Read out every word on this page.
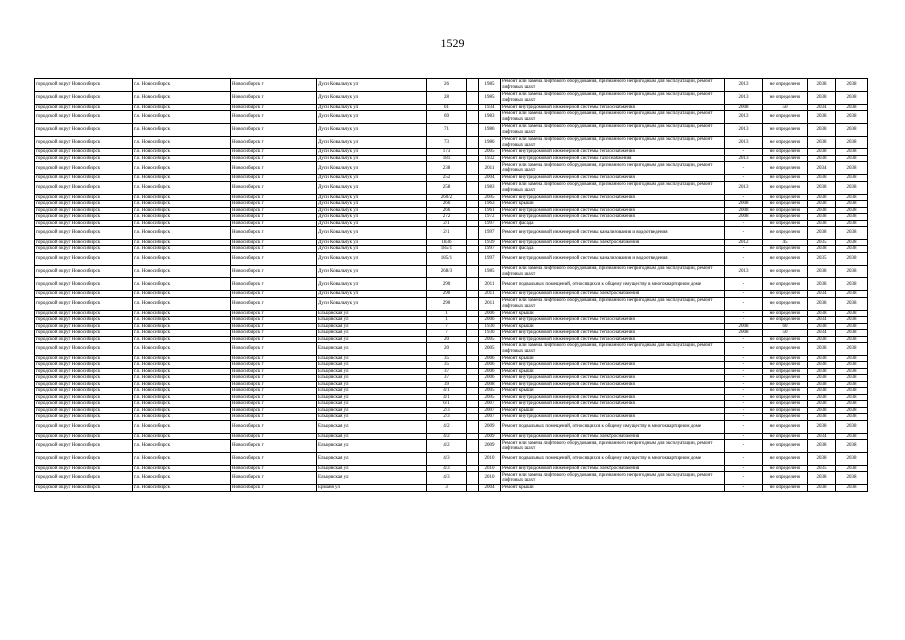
1529
городской округ Новосибирск	г.о. Новосибирск	Новосибирск г	Дуси Ковальчук ул	26		1985	Ремонт или замена лифтового оборудования, признанного непригодным для эксплуатации, ремонт лифтовых шахт	2013	не определено	2038	2038
городской округ Новосибирск	г.о. Новосибирск	Новосибирск г	Дуси Ковальчук ул	28		1985	Ремонт или замена лифтового оборудования, признанного непригодным для эксплуатации, ремонт лифтовых шахт	2013	не определено	2038	2038
городской округ Новосибирск	г.о. Новосибирск	Новосибирск г	Дуси Ковальчук ул	61		1934	Ремонт внутридомовой инженерной системы теплоснабжения	2008	50	2034	2038
городской округ Новосибирск	г.о. Новосибирск	Новосибирск г	Дуси Ковальчук ул	69		1983	Ремонт или замена лифтового оборудования, признанного непригодным для эксплуатации, ремонт лифтовых шахт	2013	не определено	2038	2038
городской округ Новосибирск	г.о. Новосибирск	Новосибирск г	Дуси Ковальчук ул	71		1986	Ремонт или замена лифтового оборудования, признанного непригодным для эксплуатации, ремонт лифтовых шахт	2013	не определено	2038	2038
городской округ Новосибирск	г.о. Новосибирск	Новосибирск г	Дуси Ковальчук ул	73		1986	Ремонт или замена лифтового оборудования, признанного непригодным для эксплуатации, ремонт лифтовых шахт	2013	не определено	2038	2038
городской округ Новосибирск	г.о. Новосибирск	Новосибирск г	Дуси Ковальчук ул	173		2005	Ремонт внутридомовой инженерной системы теплоснабжения	-	не определено	2038	2038
городской округ Новосибирск	г.о. Новосибирск	Новосибирск г	Дуси Ковальчук ул	181		1932	Ремонт внутридомовой инженерной системы газоснабжения	2013	не определено	2038	2038
городской округ Новосибирск	г.о. Новосибирск	Новосибирск г	Дуси Ковальчук ул	238		2011	Ремонт или замена лифтового оборудования, признанного непригодным для эксплуатации, ремонт лифтовых шахт	-	не определено	2034	2038
городской округ Новосибирск	г.о. Новосибирск	Новосибирск г	Дуси Ковальчук ул	252		2004	Ремонт внутридомовой инженерной системы теплоснабжения	-	не определено	2038	2038
городской округ Новосибирск	г.о. Новосибирск	Новосибирск г	Дуси Ковальчук ул	258		1983	Ремонт или замена лифтового оборудования, признанного непригодным для эксплуатации, ремонт лифтовых шахт	2013	не определено	2038	2038
городской округ Новосибирск	г.о. Новосибирск	Новосибирск г	Дуси Ковальчук ул	260/2		2005	Ремонт внутридомовой инженерной системы теплоснабжения	-	не определено	2038	2038
городской округ Новосибирск	г.о. Новосибирск	Новосибирск г	Дуси Ковальчук ул	266		1963	Ремонт крыши	2008	не определено	2038	2038
городской округ Новосибирск	г.о. Новосибирск	Новосибирск г	Дуси Ковальчук ул	266		1961	Ремонт внутридомовой инженерной системы теплоснабжения	2008	не определено	2038	2038
городской округ Новосибирск	г.о. Новосибирск	Новосибирск г	Дуси Ковальчук ул	272		1972	Ремонт внутридомовой инженерной системы теплоснабжения	2008	не определено	2038	2038
городской округ Новосибирск	г.о. Новосибирск	Новосибирск г	Дуси Ковальчук ул	2/1		1997	Ремонт фасада	-	не определено	2038	2038
городской округ Новосибирск	г.о. Новосибирск	Новосибирск г	Дуси Ковальчук ул	2/1		1997	Ремонт внутридомовой инженерной системы канализования и водоотведения	-	не определено	2038	2038
городской округ Новосибирск	г.о. Новосибирск	Новосибирск г	Дуси Ковальчук ул	183б		1939	Ремонт внутридомовой инженерной системы электроснабжения	2012	45	2035	2038
городской округ Новосибирск	г.о. Новосибирск	Новосибирск г	Дуси Ковальчук ул	185/1		1997	Ремонт фасада	-	не определено	2038	2038
городской округ Новосибирск	г.о. Новосибирск	Новосибирск г	Дуси Ковальчук ул	185/1		1997	Ремонт внутридомовой инженерной системы канализования и водоотведения	-	не определено	2035	2038
городской округ Новосибирск	г.о. Новосибирск	Новосибирск г	Дуси Ковальчук ул	268/3		1985	Ремонт или замена лифтового оборудования, признанного непригодным для эксплуатации, ремонт лифтовых шахт	2013	не определено	2038	2038
городской округ Новосибирск	г.о. Новосибирск	Новосибирск г	Дуси Ковальчук ул	290		2011	Ремонт подвальных помещений, относящихся к общему имуществу в многоквартирном доме	-	не определено	2038	2038
городской округ Новосибирск	г.о. Новосибирск	Новосибирск г	Дуси Ковальчук ул	290		2011	Ремонт внутридомовой инженерной системы электроснабжения	-	не определено	2034	2038
городской округ Новосибирск	г.о. Новосибирск	Новосибирск г	Дуси Ковальчук ул	290		2011	Ремонт или замена лифтового оборудования, признанного непригодным для эксплуатации, ремонт лифтовых шахт	-	не определено	2038	2038
городской округ Новосибирск	г.о. Новосибирск	Новосибирск г	Ельцовская ул	1		2006	Ремонт крыши	-	не определено	2038	2038
городской округ Новосибирск	г.о. Новосибирск	Новосибирск г	Ельцовская ул	1		2006	Ремонт внутридомовой инженерной системы теплоснабжения	-	не определено	2034	2038
городской округ Новосибирск	г.о. Новосибирск	Новосибирск г	Ельцовская ул	7		1936	Ремонт крыши	2008	60	2038	2038
городской округ Новосибирск	г.о. Новосибирск	Новосибирск г	Ельцовская ул	7		1936	Ремонт внутридомовой инженерной системы теплоснабжения	2008	50	2034	2038
городской округ Новосибирск	г.о. Новосибирск	Новосибирск г	Ельцовская ул	20		2005	Ремонт внутридомовой инженерной системы теплоснабжения	-	не определено	2038	2038
городской округ Новосибирск	г.о. Новосибирск	Новосибирск г	Ельцовская ул	20		2005	Ремонт или замена лифтового оборудования, признанного непригодным для эксплуатации, ремонт лифтовых шахт	-	не определено	2038	2038
городской округ Новосибирск	г.о. Новосибирск	Новосибирск г	Ельцовская ул	35		2006	Ремонт крыши	-	не определено	2038	2038
городской округ Новосибирск	г.о. Новосибирск	Новосибирск г	Ельцовская ул	35		2006	Ремонт внутридомовой инженерной системы теплоснабжения	-	не определено	2038	2038
городской округ Новосибирск	г.о. Новосибирск	Новосибирск г	Ельцовская ул	37		2006	Ремонт крыши	-	не определено	2038	2038
городской округ Новосибирск	г.о. Новосибирск	Новосибирск г	Ельцовская ул	37		2006	Ремонт внутридомовой инженерной системы теплоснабжения	-	не определено	2038	2038
городской округ Новосибирск	г.о. Новосибирск	Новосибирск г	Ельцовская ул	39		2008	Ремонт внутридомовой инженерной системы теплоснабжения	-	не определено	2038	2038
городской округ Новосибирск	г.о. Новосибирск	Новосибирск г	Ельцовская ул	4/1		2005	Ремонт крыши	-	не определено	2038	2038
городской округ Новосибирск	г.о. Новосибирск	Новосибирск г	Ельцовская ул	4/1		2005	Ремонт внутридомовой инженерной системы теплоснабжения	-	не определено	2038	2038
городской округ Новосибирск	г.о. Новосибирск	Новосибирск г	Ельцовская ул	6/1		2007	Ремонт внутридомовой инженерной системы теплоснабжения	-	не определено	2038	2038
городской округ Новосибирск	г.о. Новосибирск	Новосибирск г	Ельцовская ул	2/3		2007	Ремонт крыши	-	не определено	2038	2038
городской округ Новосибирск	г.о. Новосибирск	Новосибирск г	Ельцовская ул	2/3		2007	Ремонт внутридомовой инженерной системы теплоснабжения	-	не определено	2038	2038
городской округ Новосибирск	г.о. Новосибирск	Новосибирск г	Ельцовская ул	4/2		2009	Ремонт подвальных помещений, относящихся к общему имуществу в многоквартирном доме	-	не определено	2038	2038
городской округ Новосибирск	г.о. Новосибирск	Новосибирск г	Ельцовская ул	4/2		2009	Ремонт внутридомовой инженерной системы электроснабжения	-	не определено	2034	2038
городской округ Новосибирск	г.о. Новосибирск	Новосибирск г	Ельцовская ул	4/2		2009	Ремонт или замена лифтового оборудования, признанного непригодным для эксплуатации, ремонт лифтовых шахт	-	не определено	2038	2038
городской округ Новосибирск	г.о. Новосибирск	Новосибирск г	Ельцовская ул	4/3		2010	Ремонт подвальных помещений, относящихся к общему имуществу в многоквартирном доме	-	не определено	2038	2038
городской округ Новосибирск	г.о. Новосибирск	Новосибирск г	Ельцовская ул	4/3		2010	Ремонт внутридомовой инженерной системы электроснабжения	-	не определено	2035	2038
городской округ Новосибирск	г.о. Новосибирск	Новосибирск г	Ельцовская ул	4/3		2010	Ремонт или замена лифтового оборудования, признанного непригодным для эксплуатации, ремонт лифтовых шахт	-	не определено	2038	2038
городской округ Новосибирск	г.о. Новосибирск	Новосибирск г	Ерманя ул	3		2004	Ремонт крыши	-	не определено	2038	2038
